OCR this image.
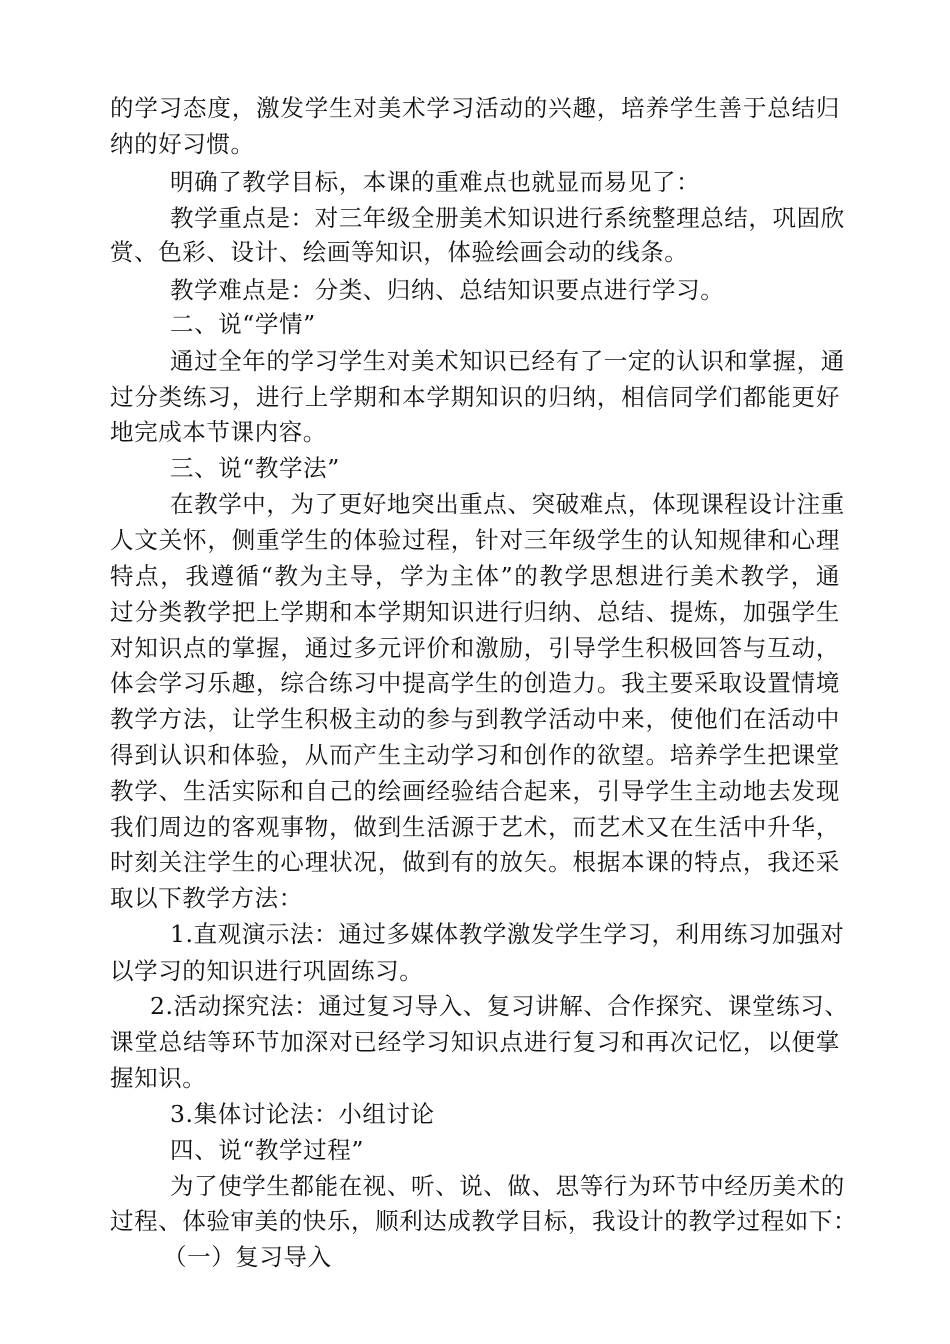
的学习态度，激发学生对美术学习活动的兴趣，培养学生善于总结归
纳的好习惯。
明确了教学目标，本课的重难点也就显而易见了：
教学重点是：对三年级全册美术知识进行系统整理总结，巩固欣
赏、色彩、设计、绘画等知识，体验绘画会动的线条。
教学难点是：分类、归纳、总结知识要点进行学习。
二、说“学情”
通过全年的学习学生对美术知识已经有了一定的认识和掌握，通
过分类练习，进行上学期和本学期知识的归纳，相信同学们都能更好
地完成本节课内容。
三、说“教学法”
在教学中，为了更好地突出重点、突破难点，体现课程设计注重
人文关怀，侧重学生的体验过程，针对三年级学生的认知规律和心理
特点，我遵循“教为主导，学为主体”的教学思想进行美术教学，通
过分类教学把上学期和本学期知识进行归纳、总结、提炼，加强学生
对知识点的掌握，通过多元评价和激励，引导学生积极回答与互动，
体会学习乐趣，综合练习中提高学生的创造力。我主要采取设置情境
教学方法，让学生积极主动的参与到教学活动中来，使他们在活动中
得到认识和体验，从而产生主动学习和创作的欲望。培养学生把课堂
教学、生活实际和自己的绘画经验结合起来，引导学生主动地去发现
我们周边的客观事物，做到生活源于艺术，而艺术又在生活中升华，
时刻关注学生的心理状况，做到有的放矢。根据本课的特点，我还采
取以下教学方法：
1.直观演示法：通过多媒体教学激发学生学习，利用练习加强对
以学习的知识进行巩固练习。
2.活动探究法：通过复习导入、复习讲解、合作探究、课堂练习、
课堂总结等环节加深对已经学习知识点进行复习和再次记忆，以便掌
握知识。
3.集体讨论法：小组讨论
四、说“教学过程”
为了使学生都能在视、听、说、做、思等行为环节中经历美术的
过程、体验审美的快乐，顺利达成教学目标，我设计的教学过程如下：
（一）复习导入
